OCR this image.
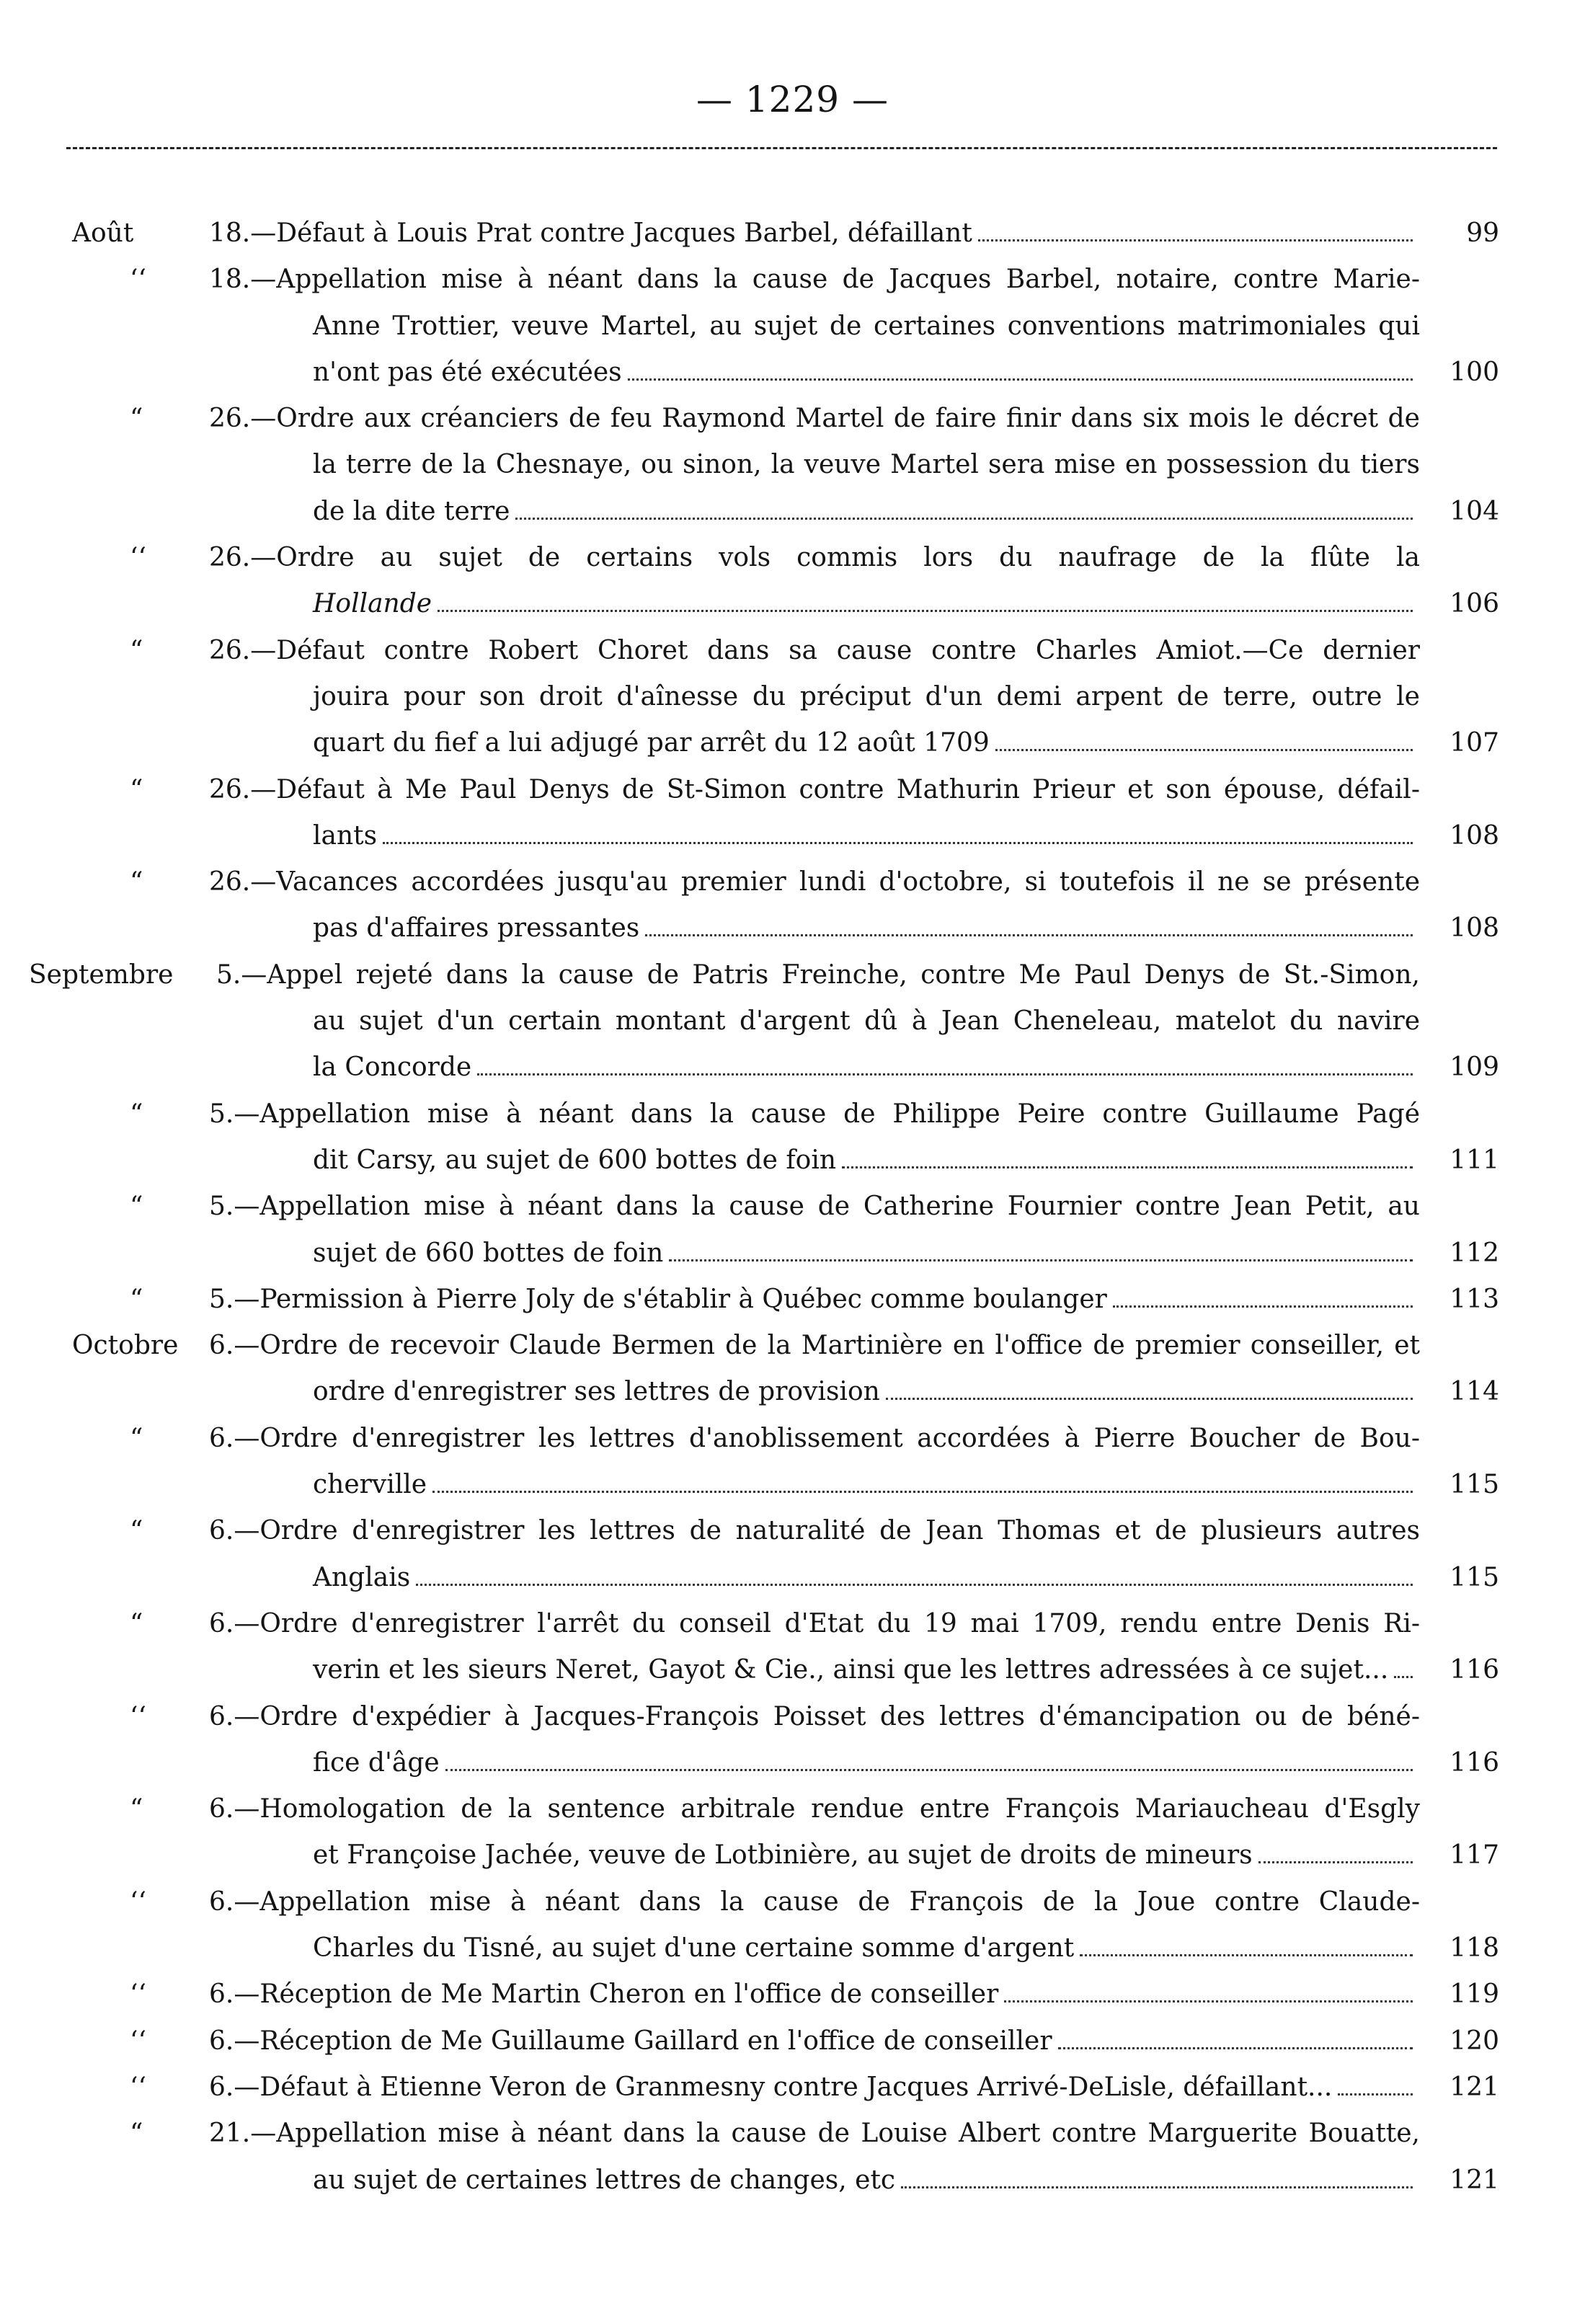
— 1229 —
Août	18.—Défaut à Louis Prat contre Jacques Barbel, défaillant	99
‘‘ 18.—Appellation mise à néant dans la cause de Jacques Barbel, notaire, contre Marie-
Anne Trottier, veuve Martel, au sujet de certaines conventions matrimoniales qui
n'ont pas été exécutées	100
“	26.—Ordre aux créanciers de feu Raymond Martel de faire finir dans six mois le décret de
la terre de la Chesnaye, ou sinon, la veuve Martel sera mise en possession du tiers
de la dite terre	104
‘‘ 26.—Ordre au sujet de certains vols commis lors du naufrage de la flûte la
Hollande	106
“	26.—Défaut contre Robert Choret dans sa cause contre Charles Amiot.—Ce dernier
jouira pour son droit d'aînesse du préciput d'un demi arpent de terre, outre le
quart du fief a lui adjugé par arrêt du 12 août 1709	107
“	26.—Défaut à Me Paul Denys de St-Simon contre Mathurin Prieur et son épouse, défail-
lants	108
“	26.—Vacances accordées jusqu'au premier lundi d'octobre, si toutefois il ne se présente
pas d'affaires pressantes	108
Septembre 5.—Appel rejeté dans la cause de Patris Freinche, contre Me Paul Denys de St.-Simon,
au sujet d'un certain montant d'argent dû à Jean Cheneleau, matelot du navire
la Concorde	109
“	5.—Appellation mise à néant dans la cause de Philippe Peire contre Guillaume Pagé
dit Carsy, au sujet de 600 bottes de foin	111
“	5.—Appellation mise à néant dans la cause de Catherine Fournier contre Jean Petit, au
sujet de 660 bottes de foin	112
“	5.—Permission à Pierre Joly de s'établir à Québec comme boulanger	113
Octobre 6.—Ordre de recevoir Claude Bermen de la Martinière en l'office de premier conseiller, et
ordre d'enregistrer ses lettres de provision	114
“	6.—Ordre d'enregistrer les lettres d'anoblissement accordées à Pierre Boucher de Bou-
cherville	115
“	6.—Ordre d'enregistrer les lettres de naturalité de Jean Thomas et de plusieurs autres
Anglais	115
“	6.—Ordre d'enregistrer l'arrêt du conseil d'Etat du 19 mai 1709, rendu entre Denis Ri-
verin et les sieurs Neret, Gayot & Cie., ainsi que les lettres adressées à ce sujet...	116
‘‘ 6.—Ordre d'expédier à Jacques-François Poisset des lettres d'émancipation ou de béné-
fice d'âge	116
“	6.—Homologation de la sentence arbitrale rendue entre François Mariaucheau d'Esgly
et Françoise Jachée, veuve de Lotbinière, au sujet de droits de mineurs	117
‘‘ 6.—Appellation mise à néant dans la cause de François de la Joue contre Claude-
Charles du Tisné, au sujet d'une certaine somme d'argent	118
‘‘ 6.—Réception de Me Martin Cheron en l'office de conseiller	119
‘‘ 6.—Réception de Me Guillaume Gaillard en l'office de conseiller	120
‘‘ 6.—Défaut à Etienne Veron de Granmesny contre Jacques Arrivé-DeLisle, défaillant...	121
“	21.—Appellation mise à néant dans la cause de Louise Albert contre Marguerite Bouatte,
au sujet de certaines lettres de changes, etc	121
